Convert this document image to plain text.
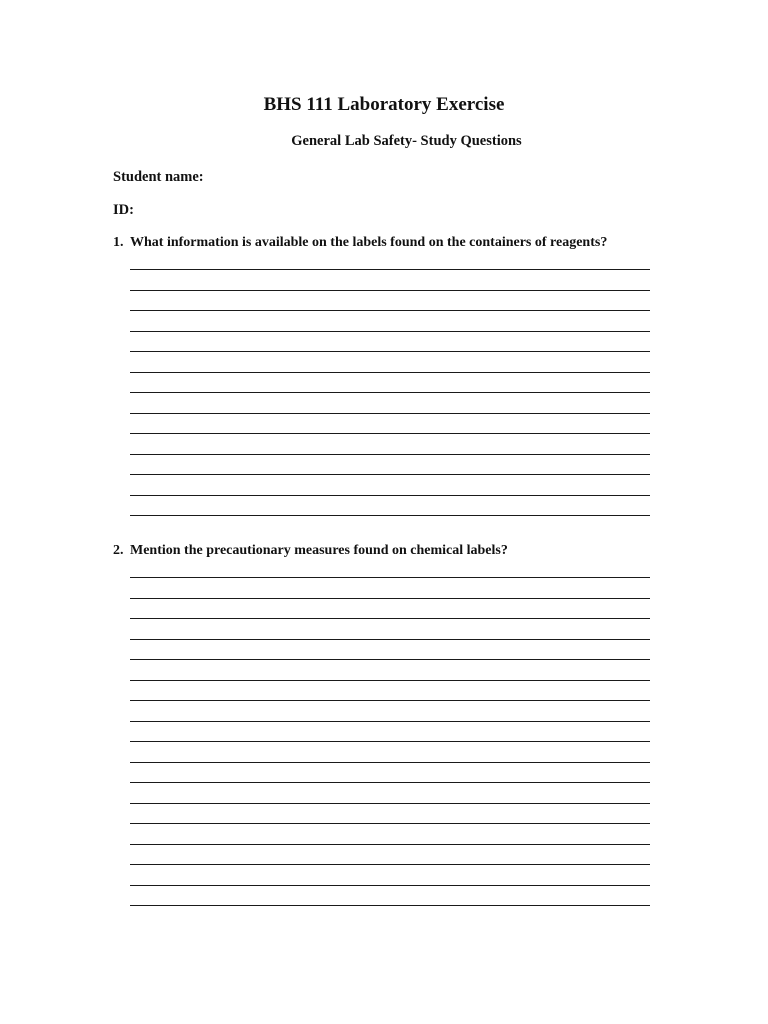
BHS 111 Laboratory Exercise
General Lab Safety- Study Questions
Student name:
ID:
1. What information is available on the labels found on the containers of reagents?
2. Mention the precautionary measures found on chemical labels?
